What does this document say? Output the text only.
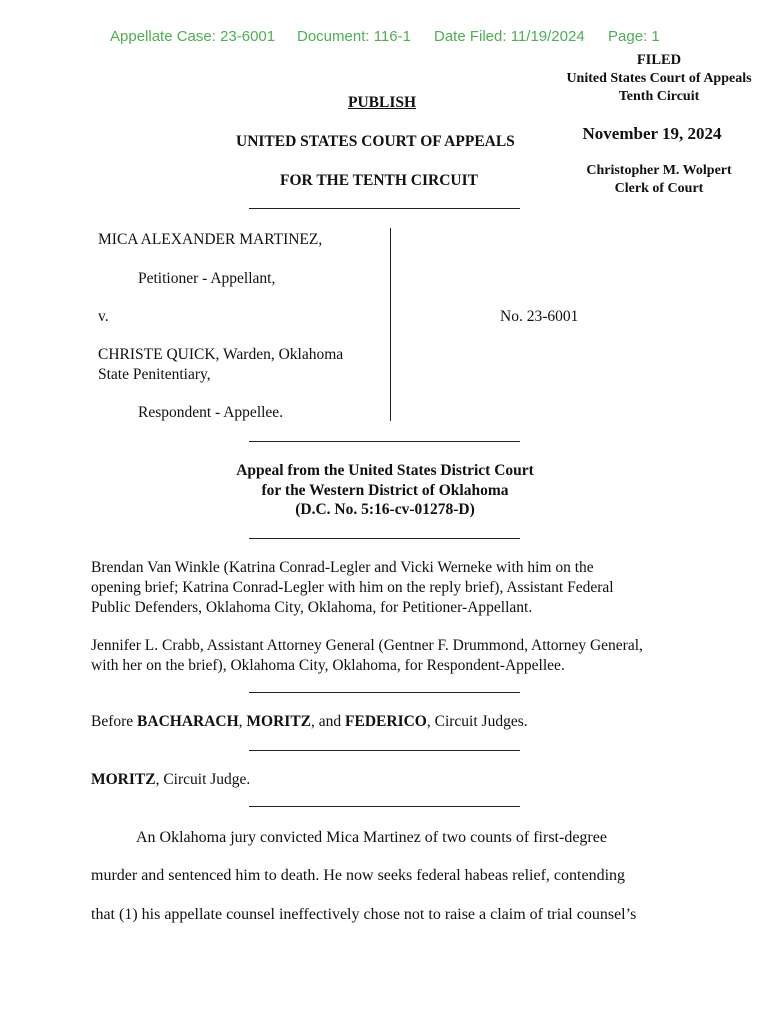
Appellate Case: 23-6001 Document: 116-1 Date Filed: 11/19/2024 Page: 1
FILED
United States Court of Appeals
Tenth Circuit
November 19, 2024
Christopher M. Wolpert
Clerk of Court
PUBLISH
UNITED STATES COURT OF APPEALS
FOR THE TENTH CIRCUIT
MICA ALEXANDER MARTINEZ,
Petitioner - Appellant,
v.
CHRISTE QUICK, Warden, Oklahoma
State Penitentiary,
Respondent - Appellee.
No. 23-6001
Appeal from the United States District Court
for the Western District of Oklahoma
(D.C. No. 5:16-cv-01278-D)
Brendan Van Winkle (Katrina Conrad-Legler and Vicki Werneke with him on the
opening brief; Katrina Conrad-Legler with him on the reply brief), Assistant Federal
Public Defenders, Oklahoma City, Oklahoma, for Petitioner-Appellant.
Jennifer L. Crabb, Assistant Attorney General (Gentner F. Drummond, Attorney General,
with her on the brief), Oklahoma City, Oklahoma, for Respondent-Appellee.
Before BACHARACH, MORITZ, and FEDERICO, Circuit Judges.
MORITZ, Circuit Judge.
An Oklahoma jury convicted Mica Martinez of two counts of first-degree
murder and sentenced him to death. He now seeks federal habeas relief, contending
that (1) his appellate counsel ineffectively chose not to raise a claim of trial counsel’s
